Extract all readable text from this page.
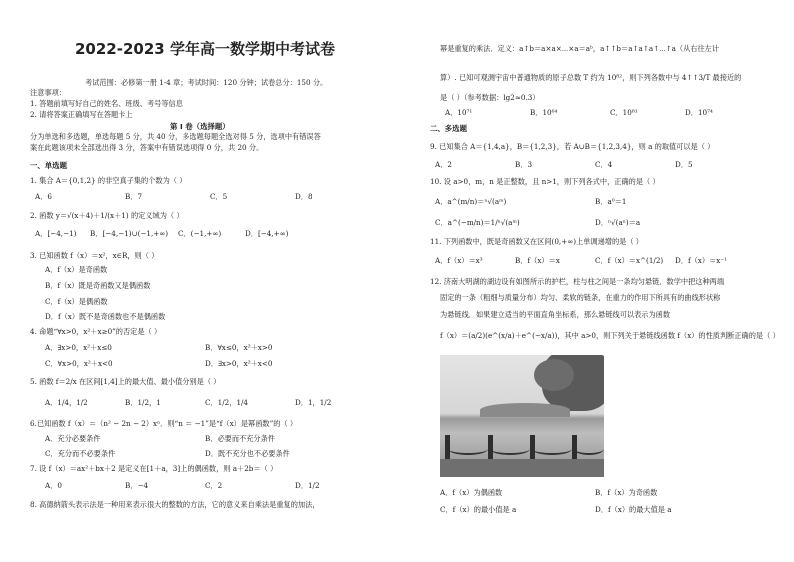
2022-2023 学年高一数学期中考试卷
考试范围：必修第一册 1-4 章；考试时间：120 分钟；试卷总分：150 分。
注意事项：
1. 答题前填写好自己的姓名、班级、考号等信息
2. 请将答案正确填写在答题卡上
第 I 卷（选择题）
分为单选和多选题，单选每题 5 分，共 40 分，多选题每题全选对得 5 分，选项中有错误答
案在此题该项未全部选出得 3 分，答案中有错误选项得 0 分，共 20 分。
一、单选题
1. 集合 A＝{0,1,2} 的非空真子集的个数为（ ）
A．6	B．7	C．5	D．8
2. 函数 y＝√(x＋4)＋1/(x＋1) 的定义域为（ ）
A．[−4,−1) B．[−4,−1)∪(−1,+∞) C．(−1,+∞)	D．[−4,+∞)
3. 已知函数 f（x）＝x²，x∈R，则（ ）
A．f（x）是奇函数
B．f（x）既是奇函数又是偶函数
C．f（x）是偶函数
D．f（x）既不是奇函数也不是偶函数
4. 命题“∀x>0，x²＋x≥0”的否定是（ ）
A．∃x>0，x²＋x≤0	B．∀x≤0，x²＋x>0
C．∀x>0，x²＋x<0	D．∃x>0，x²＋x<0
5. 函数 f＝2/x 在区间[1,4]上的最大值、最小值分别是（ ）
A．1/4，1/2	B．1/2，1	C．1/2，1/4	D．1，1/2
6.已知函数 f（x）＝（n² − 2n − 2）xⁿ．则“n ＝ −1”是“f（x）是幂函数”的（ ）
A．充分必要条件	B．必要而不充分条件
C．充分而不必要条件	D．既不充分也不必要条件
7. 设 f（x）＝ax²＋bx＋2 是定义在[1＋a，3]上的偶函数，则 a＋2b＝（ ）
A．0	B．−4	C．2	D．1/2
8. 高德纳箭头表示法是一种用来表示很大的整数的方法，它的意义来自乘法是重复的加法，
幂是重复的乘法．定义：a↑b＝a×a×⋯×a＝aᵇ，a↑↑b＝a↑a↑a↑⋯↑a（从右往左计
算）. 已知可观测宇宙中普通物质的原子总数 T 约为 10⁸²，则下列各数中与 4↑↑3/T 最接近的
是（ ）（参考数据：lg2≈0.3）
A．10⁷¹	B．10⁶⁴	C．10⁸¹	D．10⁷⁴
二、多选题
9. 已知集合 A＝{1,4,a}，B＝{1,2,3}，若 A∪B＝{1,2,3,4}，则 a 的取值可以是（ ）
A．2	B．3	C．4	D．5
10. 设 a>0，m，n 是正整数，且 n>1，则下列各式中，正确的是（ ）
A．a^(m/n)＝ⁿ√(aᵐ)	B．a⁰＝1
C．a^(−m/n)＝1/ⁿ√(aᵐ)	D．ⁿ√(aⁿ)＝a
11. 下列函数中，既是奇函数又在区间(0,+∞)上单调递增的是（ ）
A．f（x）＝x³	B．f（x）＝x	C．f（x）＝x^(1/2) D．f（x）＝x⁻¹
12. 济南大明湖的湖边设有如图所示的护栏，柱与柱之间是一条均匀悬链．数学中把这种两端
固定的一条（粗细与质量分布）均匀、柔软的链条，在重力的作用下所具有的曲线形状称
为悬链线．如果建立适当的平面直角坐标系，那么悬链线可以表示为函数
f（x）＝(a/2)(e^(x/a)＋e^(−x/a))，其中 a>0，则下列关于悬链线函数 f（x）的性质判断正确的是（ ）
A．f（x）为偶函数	B．f（x）为奇函数
C．f（x）的最小值是 a	D．f（x）的最大值是 a
